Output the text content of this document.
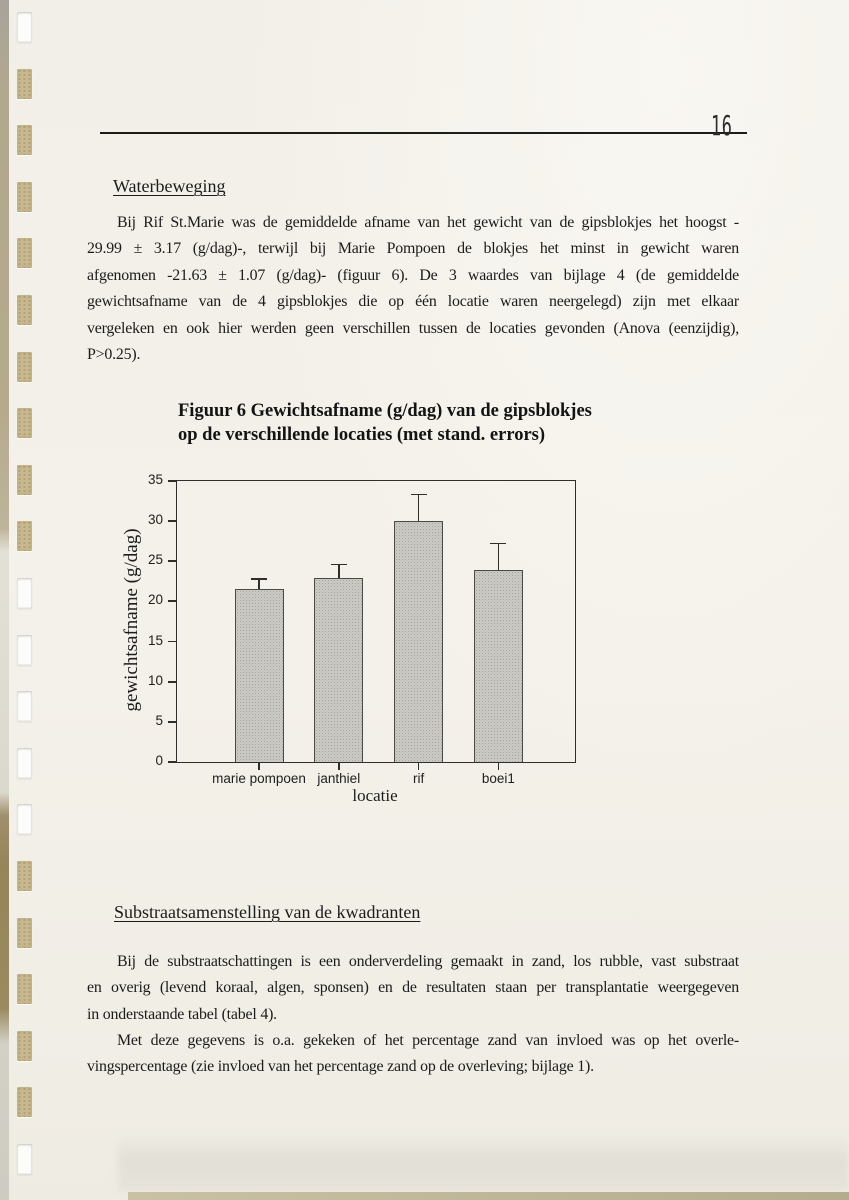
16
Waterbeweging
Bij Rif St.Marie was de gemiddelde afname van het gewicht van de gipsblokjes het hoogst -
29.99 ± 3.17 (g/dag)-, terwijl bij Marie Pompoen de blokjes het minst in gewicht waren
afgenomen -21.63 ± 1.07 (g/dag)- (figuur 6). De 3 waardes van bijlage 4 (de gemiddelde
gewichtsafname van de 4 gipsblokjes die op één locatie waren neergelegd) zijn met elkaar
vergeleken en ook hier werden geen verschillen tussen de locaties gevonden (Anova (eenzijdig),
P>0.25).
Figuur 6 Gewichtsafname (g/dag) van de gipsblokjes
op de verschillende locaties (met stand. errors)
gewichtsafname (g/dag)
0
5
10
15
20
25
30
35
marie pompoen janthiel	rif	boei1
locatie
Substraatsamenstelling van de kwadranten
Bij de substraatschattingen is een onderverdeling gemaakt in zand, los rubble, vast substraat
en overig (levend koraal, algen, sponsen) en de resultaten staan per transplantatie weergegeven
in onderstaande tabel (tabel 4).
Met deze gegevens is o.a. gekeken of het percentage zand van invloed was op het overle-
vingspercentage (zie invloed van het percentage zand op de overleving; bijlage 1).
